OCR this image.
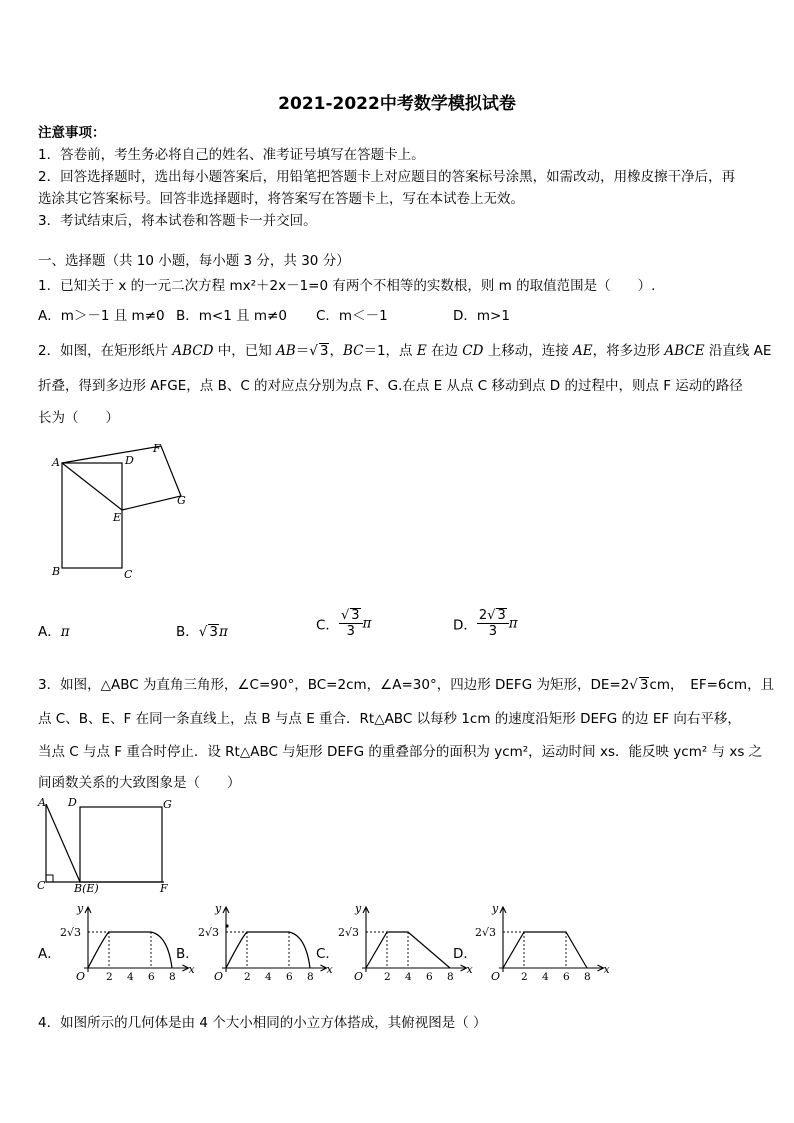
2021-2022中考数学模拟试卷
注意事项：
1．答卷前，考生务必将自己的姓名、准考证号填写在答题卡上。
2．回答选择题时，选出每小题答案后，用铅笔把答题卡上对应题目的答案标号涂黑，如需改动，用橡皮擦干净后，再
选涂其它答案标号。回答非选择题时，将答案写在答题卡上，写在本试卷上无效。
3．考试结束后，将本试卷和答题卡一并交回。
一、选择题（共 10 小题，每小题 3 分，共 30 分）
1．已知关于 x 的一元二次方程 mx²＋2x－1=0 有两个不相等的实数根，则 m 的取值范围是（　　）.
A．m＞－1 且 m≠0 B．m<1 且 m≠0 C．m＜－1	D．m>1
2．如图，在矩形纸片 ABCD 中，已知 AB＝√ 3，BC＝1，点 E 在边 CD 上移动，连接 AE，将多边形 ABCE 沿直线 AE
折叠，得到多边形 AFGE，点 B、C 的对应点分别为点 F、G.在点 E 从点 C 移动到点 D 的过程中，则点 F 运动的路径
长为（　　）
A	D
F
G
E
B	C
A．π	B．√ 3π	C． $\frac{√ 3}{3}$ π	D． $\frac{2√ 3}{3}$ π
3．如图，△ABC 为直角三角形，∠C=90°，BC=2cm，∠A=30°，四边形 DEFG 为矩形，DE=2√ 3cm，　EF=6cm，且
点 C、B、E、F 在同一条直线上，点 B 与点 E 重合．Rt△ABC 以每秒 1cm 的速度沿矩形 DEFG 的边 EF 向右平移，
当点 C 与点 F 重合时停止．设 Rt△ABC 与矩形 DEFG 的重叠部分的面积为 ycm²，运动时间 xs．能反映 ycm² 与 xs 之
间函数关系的大致图象是（　　）
A D	G
C	B(E)	F
A．
y
x
O
2√3
2 4 6 8
B．
y
x
O
2√3
2 4 6 8
C．
y
x
O
2√3
2 4 6 8
D．
y
x
O
2√3
2 4 6 8
4．如图所示的几何体是由 4 个大小相同的小立方体搭成，其俯视图是（ ）
